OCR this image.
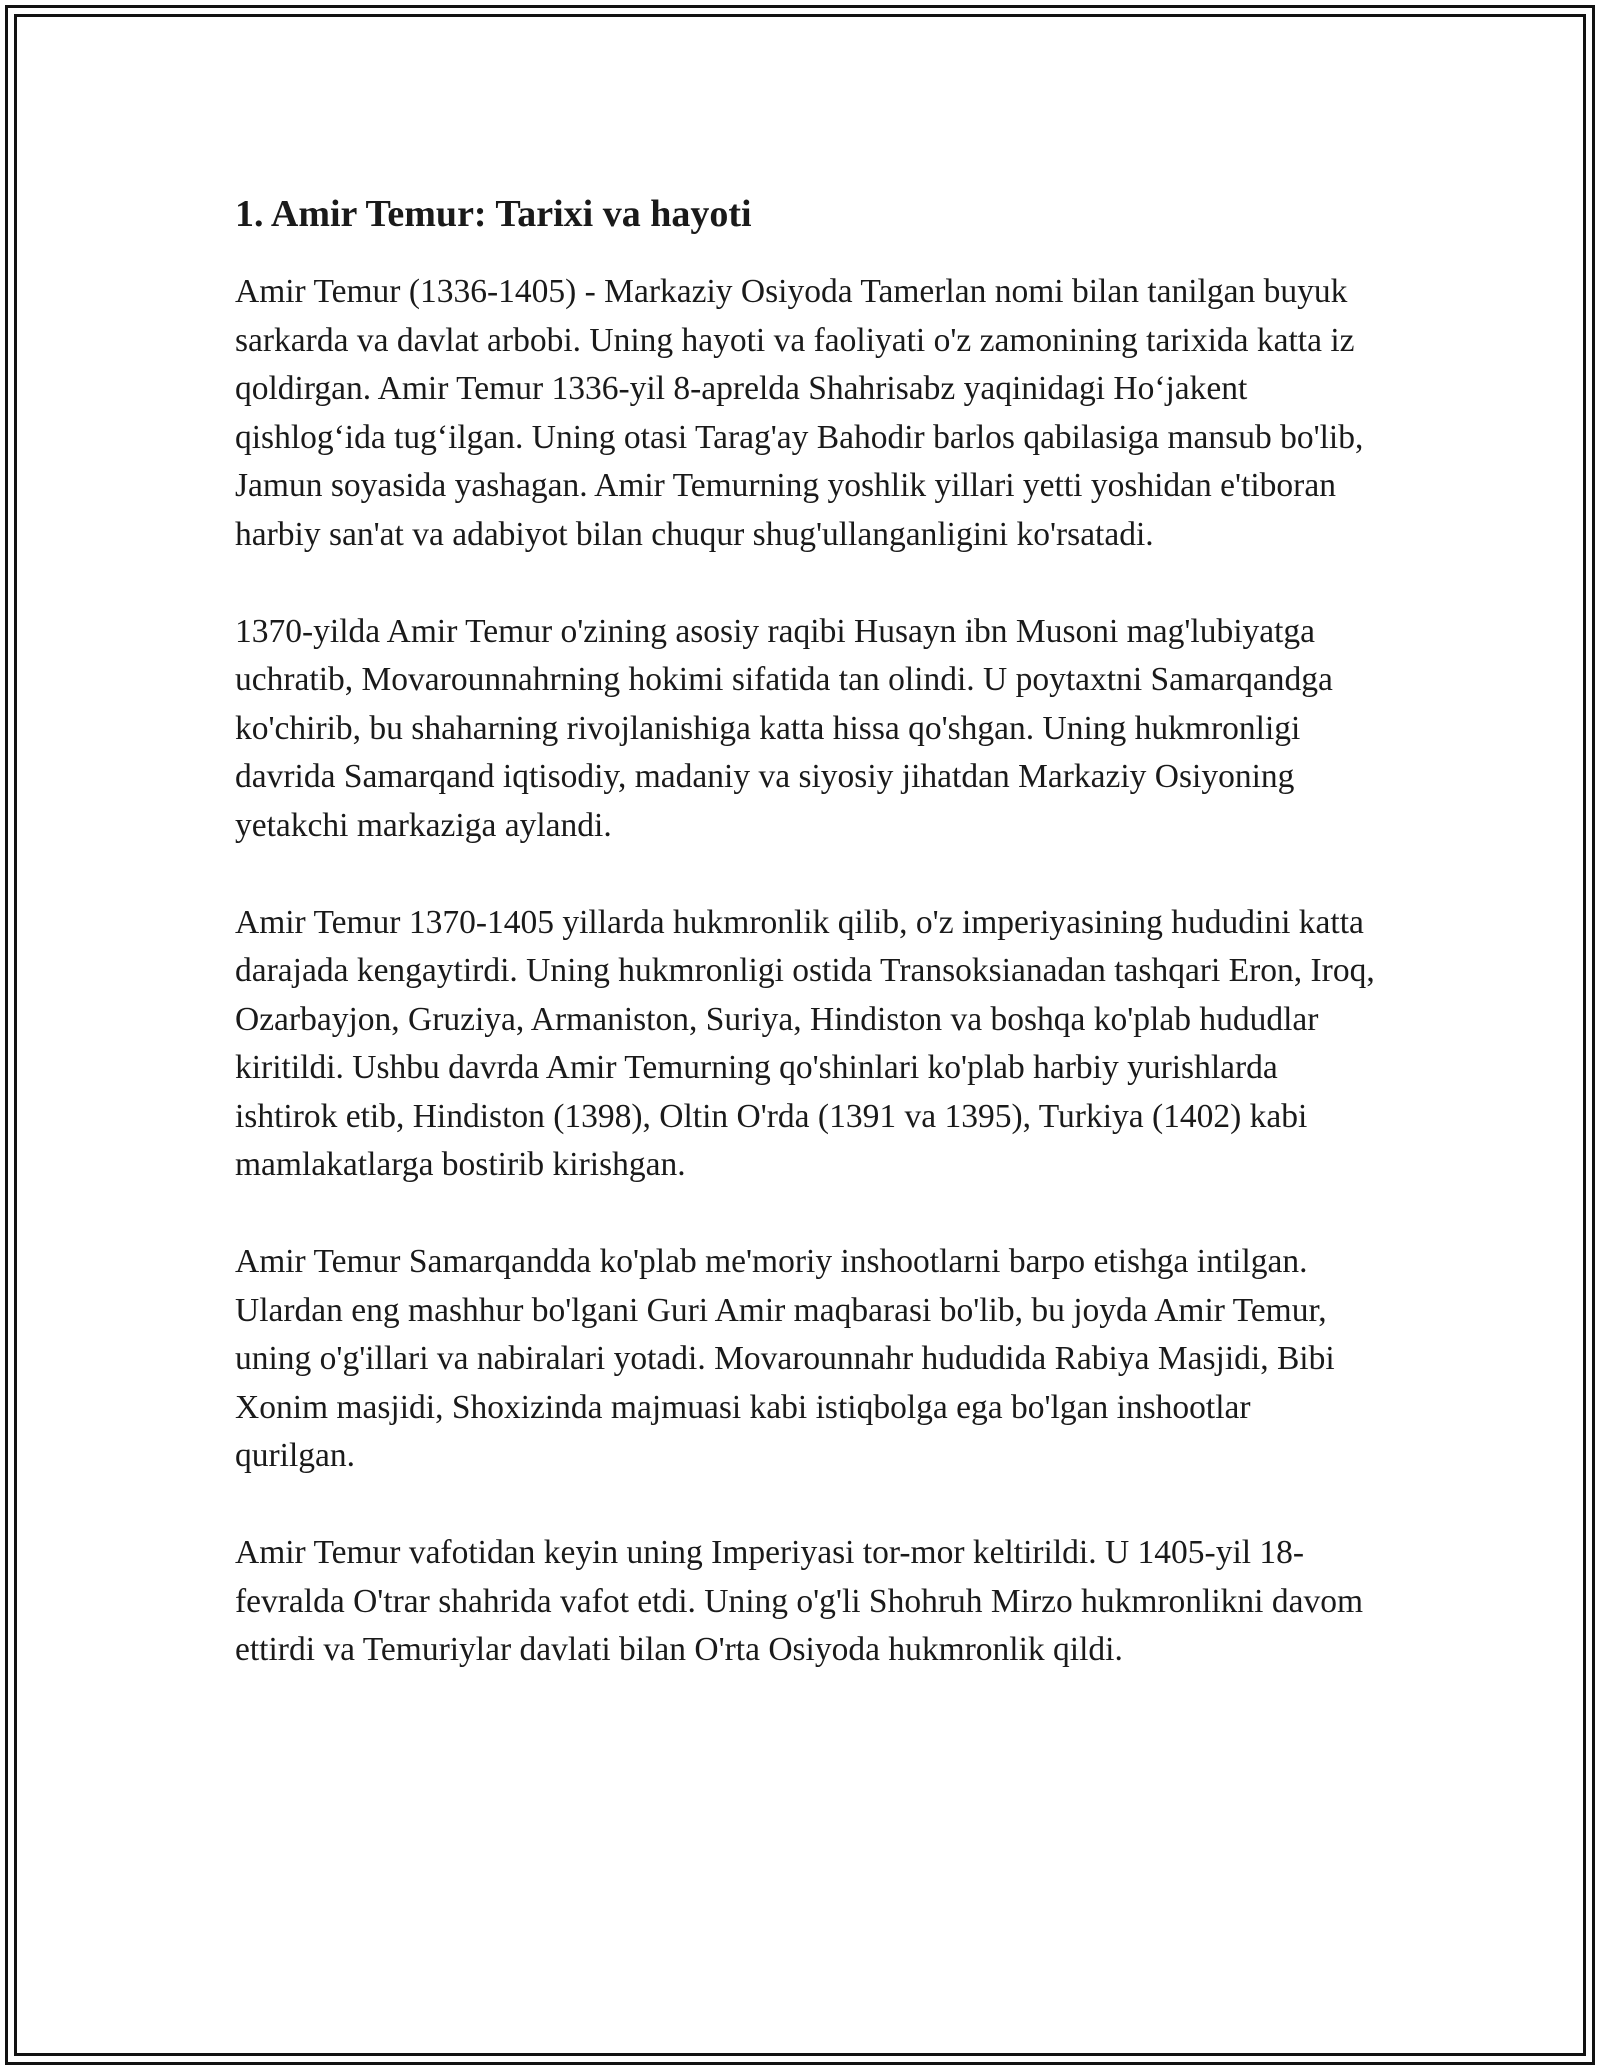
1. Amir Temur: Tarixi va hayoti

Amir Temur (1336-1405) - Markaziy Osiyoda Tamerlan nomi bilan tanilgan buyuk sarkarda va davlat arbobi. Uning hayoti va faoliyati o'z zamonining tarixida katta iz qoldirgan. Amir Temur 1336-yil 8-aprelda Shahrisabz yaqinidagi Ho‘jakent qishlog‘ida tug‘ilgan. Uning otasi Tarag'ay Bahodir barlos qabilasiga mansub bo'lib, Jamun soyasida yashagan. Amir Temurning yoshlik yillari yetti yoshidan e'tiboran harbiy san'at va adabiyot bilan chuqur shug'ullanganligini ko'rsatadi.

1370-yilda Amir Temur o'zining asosiy raqibi Husayn ibn Musoni mag'lubiyatga uchratib, Movarounnahrning hokimi sifatida tan olindi. U poytaxtni Samarqandga ko'chirib, bu shaharning rivojlanishiga katta hissa qo'shgan. Uning hukmronligi davrida Samarqand iqtisodiy, madaniy va siyosiy jihatdan Markaziy Osiyoning yetakchi markaziga aylandi.

Amir Temur 1370-1405 yillarda hukmronlik qilib, o'z imperiyasining hududini katta darajada kengaytirdi. Uning hukmronligi ostida Transoksianadan tashqari Eron, Iroq, Ozarbayjon, Gruziya, Armaniston, Suriya, Hindiston va boshqa ko'plab hududlar kiritildi. Ushbu davrda Amir Temurning qo'shinlari ko'plab harbiy yurishlarda ishtirok etib, Hindiston (1398), Oltin O'rda (1391 va 1395), Turkiya (1402) kabi mamlakatlarga bostirib kirishgan.

Amir Temur Samarqandda ko'plab me'moriy inshootlarni barpo etishga intilgan. Ulardan eng mashhur bo'lgani Guri Amir maqbarasi bo'lib, bu joyda Amir Temur, uning o'g'illari va nabiralari yotadi. Movarounnahr hududida Rabiya Masjidi, Bibi Xonim masjidi, Shoxizinda majmuasi kabi istiqbolga ega bo'lgan inshootlar qurilgan.

Amir Temur vafotidan keyin uning Imperiyasi tor-mor keltirildi. U 1405-yil 18-fevralda O'trar shahrida vafot etdi. Uning o'g'li Shohruh Mirzo hukmronlikni davom ettirdi va Temuriylar davlati bilan O'rta Osiyoda hukmronlik qildi.
